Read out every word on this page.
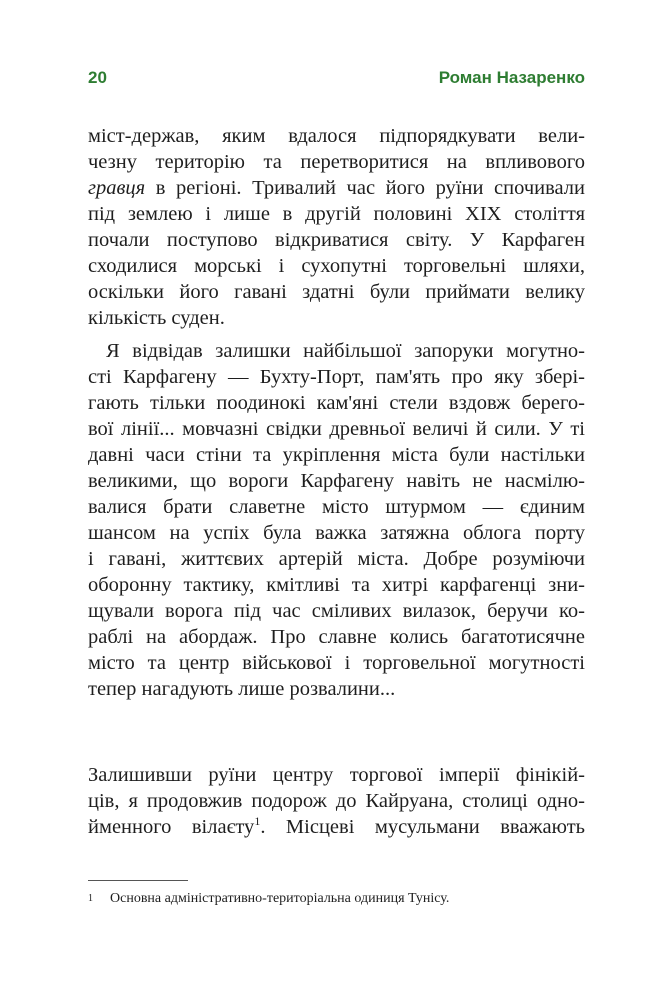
20	Роман Назаренко
міст-держав, яким вдалося підпорядкувати вели-
чезну територію та перетворитися на впливового
гравця в регіоні. Тривалий час його руїни спочивали
під землею і лише в другій половині XIX століття
почали поступово відкриватися світу. У Карфаген
сходилися морські і сухопутні торговельні шляхи,
оскільки його гавані здатні були приймати велику
кількість суден.
Я відвідав залишки найбільшої запоруки могутно-
сті Карфагену — Бухту-Порт, пам'ять про яку збері-
гають тільки поодинокі кам'яні стели вздовж берего-
вої лінії... мовчазні свідки древньої величі й сили. У ті
давні часи стіни та укріплення міста були настільки
великими, що вороги Карфагену навіть не насмілю-
валися брати славетне місто штурмом — єдиним
шансом на успіх була важка затяжна облога порту
і гавані, життєвих артерій міста. Добре розуміючи
оборонну тактику, кмітливі та хитрі карфагенці зни-
щували ворога під час сміливих вилазок, беручи ко-
раблі на абордаж. Про славне колись багатотисячне
місто та центр військової і торговельної могутності
тепер нагадують лише розвалини...
Залишивши руїни центру торгової імперії фінікій-
ців, я продовжив подорож до Кайруана, столиці одно-
йменного вілаєту$^1$. Місцеві мусульмани вважають
1 Основна адміністративно-територіальна одиниця Тунісу.
